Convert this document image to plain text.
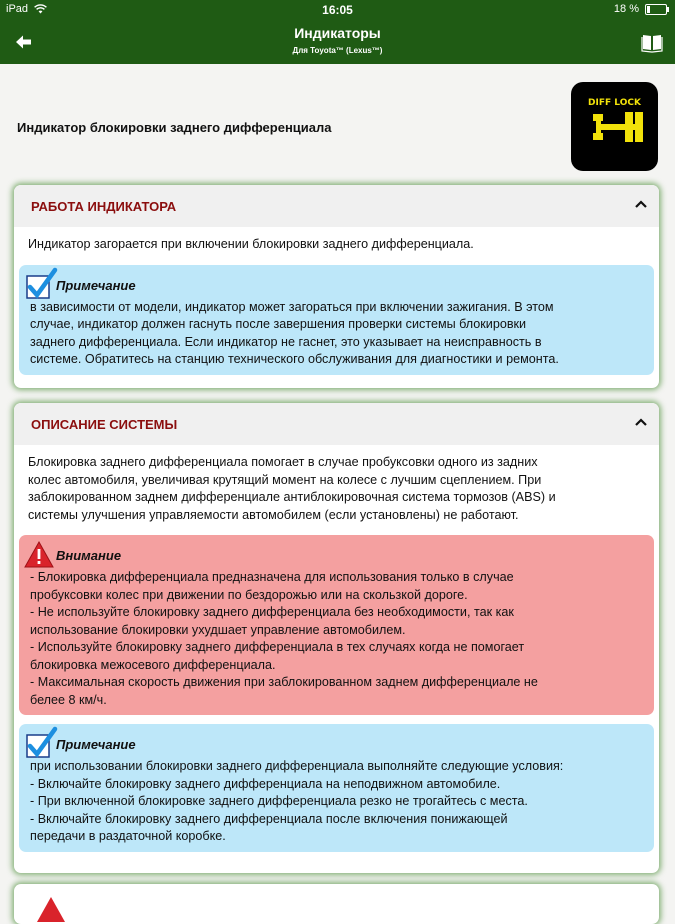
iPad	16:05	18 %
Индикаторы
Для Toyota™ (Lexus™)
Индикатор блокировки заднего дифференциала
DIFF LOCK
РАБОТА ИНДИКАТОРА
Индикатор загорается при включении блокировки заднего дифференциала.
Примечание
в зависимости от модели, индикатор может загораться при включении зажигания. В этом
случае, индикатор должен гаснуть после завершения проверки системы блокировки
заднего дифференциала. Если индикатор не гаснет, это указывает на неисправность в
системе. Обратитесь на станцию технического обслуживания для диагностики и ремонта.
ОПИСАНИЕ СИСТЕМЫ
Блокировка заднего дифференциала помогает в случае пробуксовки одного из задних
колес автомобиля, увеличивая крутящий момент на колесе с лучшим сцеплением. При
заблокированном заднем дифференциале антиблокировочная система тормозов (ABS) и
системы улучшения управляемости автомобилем (если установлены) не работают.
Внимание
- Блокировка дифференциала предназначена для использования только в случае
пробуксовки колес при движении по бездорожью или на скользкой дороге.
- Не используйте блокировку заднего дифференциала без необходимости, так как
использование блокировки ухудшает управление автомобилем.
- Используйте блокировку заднего дифференциала в тех случаях когда не помогает
блокировка межосевого дифференциала.
- Максимальная скорость движения при заблокированном заднем дифференциале не
белее 8 км/ч.
Примечание
при использовании блокировки заднего дифференциала выполняйте следующие условия:
- Включайте блокировку заднего дифференциала на неподвижном автомобиле.
- При включенной блокировке заднего дифференциала резко не трогайтесь с места.
- Включайте блокировку заднего дифференциала после включения понижающей
передачи в раздаточной коробке.
